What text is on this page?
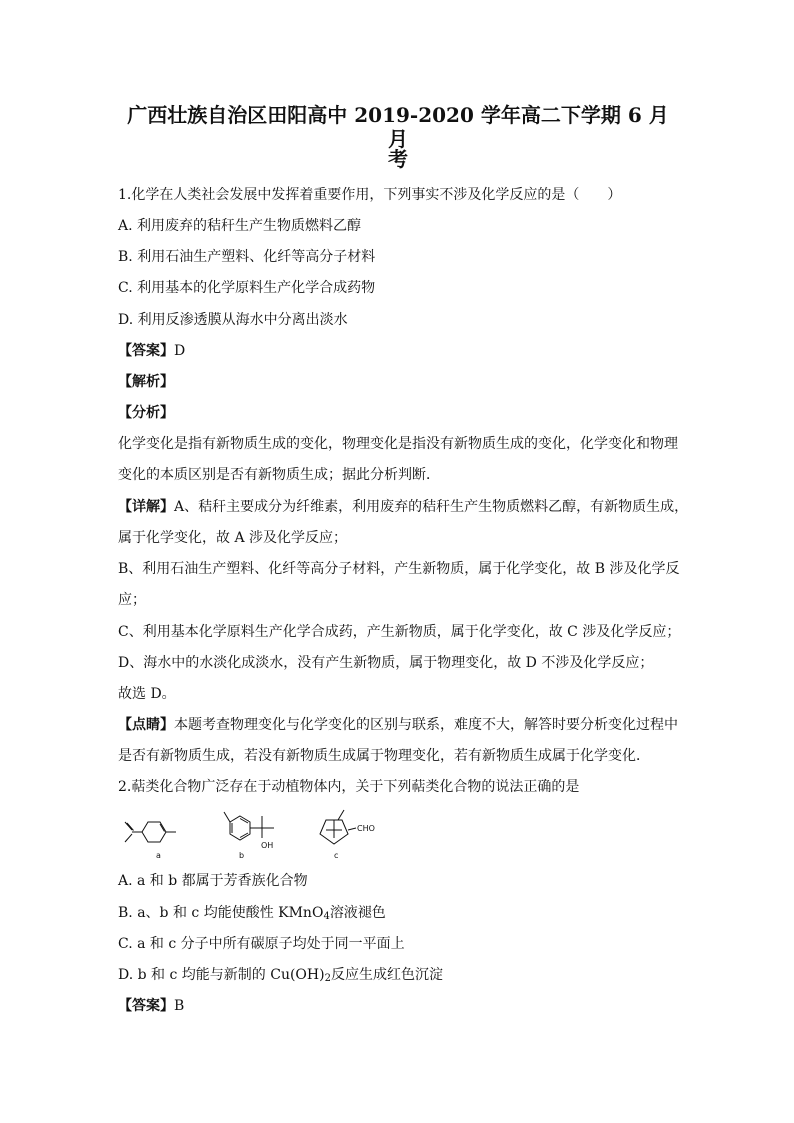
广西壮族自治区田阳高中 2019-2020 学年高二下学期 6 月月
考
1.化学在人类社会发展中发挥着重要作用，下列事实不涉及化学反应的是（　　）
A. 利用废弃的秸秆生产生物质燃料乙醇
B. 利用石油生产塑料、化纤等高分子材料
C. 利用基本的化学原料生产化学合成药物
D. 利用反渗透膜从海水中分离出淡水
【答案】D
【解析】
【分析】
化学变化是指有新物质生成的变化，物理变化是指没有新物质生成的变化，化学变化和物理
变化的本质区别是否有新物质生成；据此分析判断．
【详解】A、秸秆主要成分为纤维素，利用废弃的秸秆生产生物质燃料乙醇，有新物质生成，
属于化学变化，故 A 涉及化学反应；
B、利用石油生产塑料、化纤等高分子材料，产生新物质，属于化学变化，故 B 涉及化学反
应；
C、利用基本化学原料生产化学合成药，产生新物质，属于化学变化，故 C 涉及化学反应；
D、海水中的水淡化成淡水，没有产生新物质，属于物理变化，故 D 不涉及化学反应；
故选 D。
【点睛】本题考查物理变化与化学变化的区别与联系，难度不大，解答时要分析变化过程中
是否有新物质生成，若没有新物质生成属于物理变化，若有新物质生成属于化学变化．
2.萜类化合物广泛存在于动植物体内，关于下列萜类化合物的说法正确的是
a
OH
b
CHO
c
A. a 和 b 都属于芳香族化合物
B. a、b 和 c 均能使酸性 KMnO$_4$溶液褪色
C. a 和 c 分子中所有碳原子均处于同一平面上
D. b 和 c 均能与新制的 $Cu(OH)_2$反应生成红色沉淀
【答案】B
